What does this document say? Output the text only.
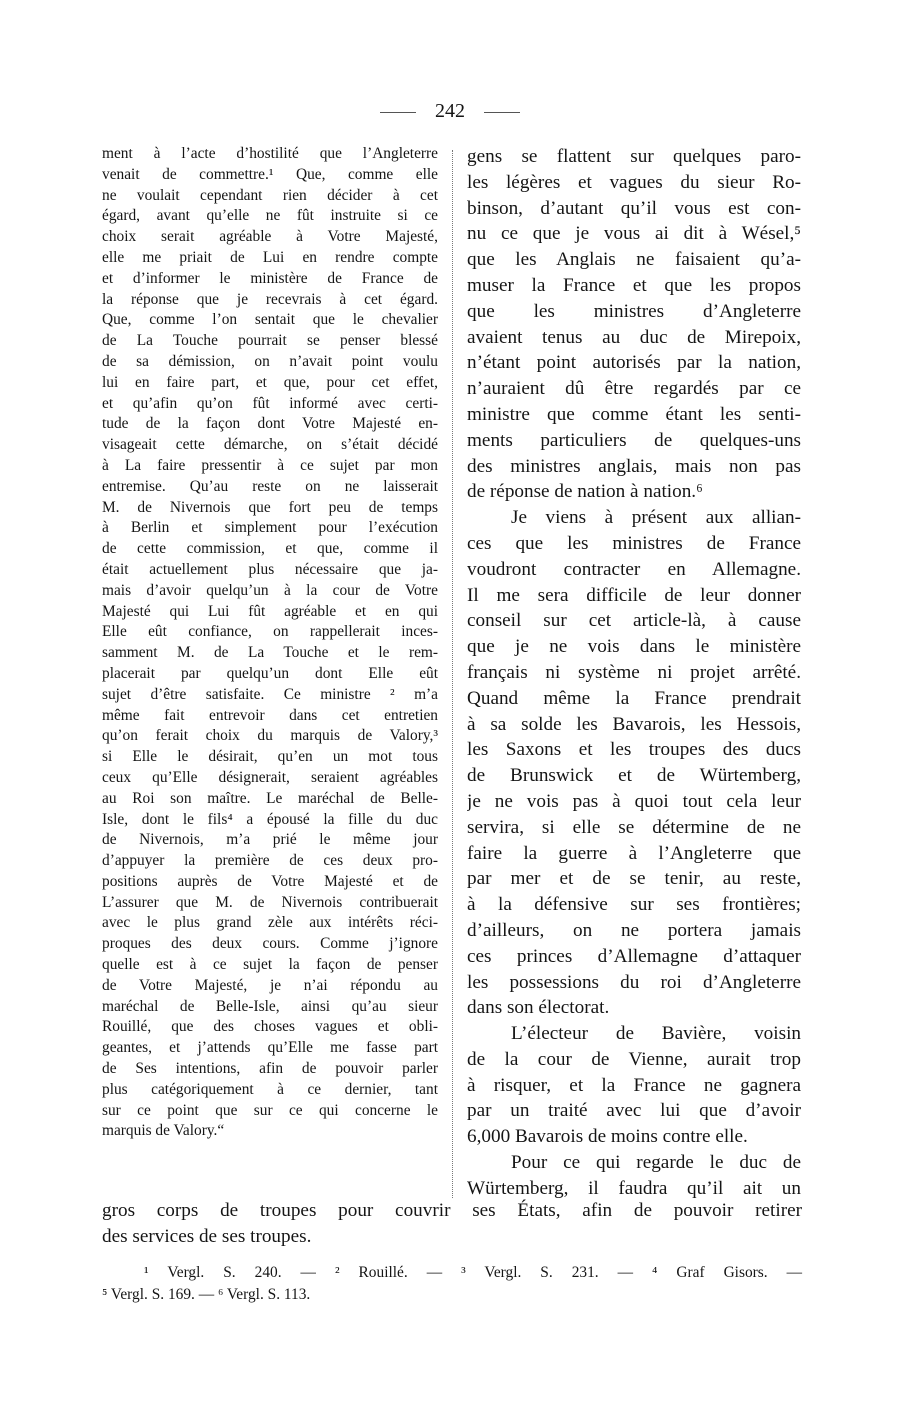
242
ment à l’acte d’hostilité que l’Angleterre
venait de commettre.¹ Que, comme elle
ne voulait cependant rien décider à cet
égard, avant qu’elle ne fût instruite si ce
choix serait agréable à Votre Majesté,
elle me priait de Lui en rendre compte
et d’informer le ministère de France de
la réponse que je recevrais à cet égard.
Que, comme l’on sentait que le chevalier
de La Touche pourrait se penser blessé
de sa démission, on n’avait point voulu
lui en faire part, et que, pour cet effet,
et qu’afin qu’on fût informé avec certi-
tude de la façon dont Votre Majesté en-
visageait cette démarche, on s’était décidé
à La faire pressentir à ce sujet par mon
entremise. Qu’au reste on ne laisserait
M. de Nivernois que fort peu de temps
à Berlin et simplement pour l’exécution
de cette commission, et que, comme il
était actuellement plus nécessaire que ja-
mais d’avoir quelqu’un à la cour de Votre
Majesté qui Lui fût agréable et en qui
Elle eût confiance, on rappellerait inces-
samment M. de La Touche et le rem-
placerait par quelqu’un dont Elle eût
sujet d’être satisfaite. Ce ministre ² m’a
même fait entrevoir dans cet entretien
qu’on ferait choix du marquis de Valory,³
si Elle le désirait, qu’en un mot tous
ceux qu’Elle désignerait, seraient agréables
au Roi son maître. Le maréchal de Belle-
Isle, dont le fils⁴ a épousé la fille du duc
de Nivernois, m’a prié le même jour
d’appuyer la première de ces deux pro-
positions auprès de Votre Majesté et de
L’assurer que M. de Nivernois contribuerait
avec le plus grand zèle aux intérêts réci-
proques des deux cours. Comme j’ignore
quelle est à ce sujet la façon de penser
de Votre Majesté, je n’ai répondu au
maréchal de Belle-Isle, ainsi qu’au sieur
Rouillé, que des choses vagues et obli-
geantes, et j’attends qu’Elle me fasse part
de Ses intentions, afin de pouvoir parler
plus catégoriquement à ce dernier, tant
sur ce point que sur ce qui concerne le
marquis de Valory.“
gens se flattent sur quelques paro-
les légères et vagues du sieur Ro-
binson, d’autant qu’il vous est con-
nu ce que je vous ai dit à Wésel,⁵
que les Anglais ne faisaient qu’a-
muser la France et que les propos
que les ministres d’Angleterre
avaient tenus au duc de Mirepoix,
n’étant point autorisés par la nation,
n’auraient dû être regardés par ce
ministre que comme étant les senti-
ments particuliers de quelques-uns
des ministres anglais, mais non pas
de réponse de nation à nation.⁶
Je viens à présent aux allian-
ces que les ministres de France
voudront contracter en Allemagne.
Il me sera difficile de leur donner
conseil sur cet article-là, à cause
que je ne vois dans le ministère
français ni système ni projet arrêté.
Quand même la France prendrait
à sa solde les Bavarois, les Hessois,
les Saxons et les troupes des ducs
de Brunswick et de Würtemberg,
je ne vois pas à quoi tout cela leur
servira, si elle se détermine de ne
faire la guerre à l’Angleterre que
par mer et de se tenir, au reste,
à la défensive sur ses frontières;
d’ailleurs, on ne portera jamais
ces princes d’Allemagne d’attaquer
les possessions du roi d’Angleterre
dans son électorat.
L’électeur de Bavière, voisin
de la cour de Vienne, aurait trop
à risquer, et la France ne gagnera
par un traité avec lui que d’avoir
6,000 Bavarois de moins contre elle.
Pour ce qui regarde le duc de
Würtemberg, il faudra qu’il ait un
gros corps de troupes pour couvrir ses États, afin de pouvoir retirer
des services de ses troupes.
¹ Vergl. S. 240. — ² Rouillé. — ³ Vergl. S. 231. — ⁴ Graf Gisors. —
⁵ Vergl. S. 169. — ⁶ Vergl. S. 113.
